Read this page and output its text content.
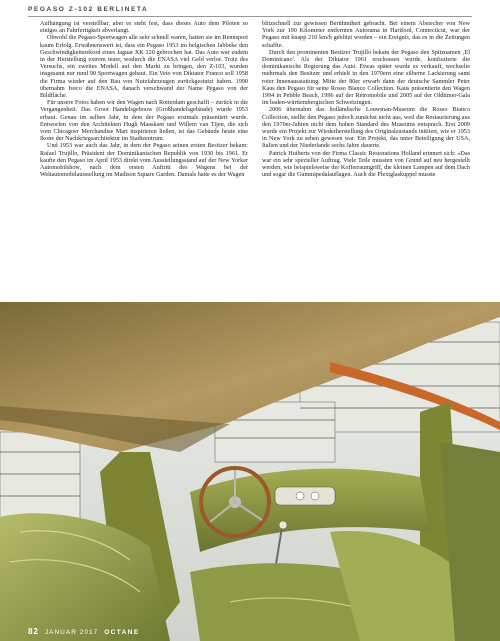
PEGASO Z-102 BERLINETA

Aufhängung ist verstellbar, aber es steht fest, dass dieses Auto dem Piloten so einiges an Fahrfertigkeit abverlangt.

Obwohl die Pegaso-Sportwagen alle sehr schnell waren, hatten sie im Rennsport kaum Erfolg. Erwähnenswert ist, dass ein Pegaso 1953 im belgischen Jabbeke den Geschwindigkeitsrekord eines Jaguar XK 120 gebrochen hat. Das Auto war zudem in der Herstellung extrem teuer, wodurch die ENASA viel Geld verlor. Trotz des Versuchs, ein zweites Modell auf den Markt zu bringen, den Z-103, wurden insgesamt nur rund 90 Sportwagen gebaut. Ein Veto von Diktator Franco soll 1958 die Firma wieder auf den Bau von Nutzfahrzeugen zurückgestutzt haben. 1990 übernahm Iveco die ENASA, danach verschwand der Name Pegaso von der Bildfläche.

Für unsere Fotos haben wir den Wagen nach Rotterdam geschafft – zurück in die Vergangenheit. Das Groot Handelsgebouw (Großhandelsgebäude) wurde 1953 erbaut. Genau im selben Jahr, in dem der Pegaso erstmals präsentiert wurde. Entworfen von den Architekten Hugh Maaskant und Willem van Tijen, die sich vom Chicagoer Merchandise Mart inspirieren ließen, ist das Gebäude heute eine Ikone der Nachkriegsarchitektur im Stadtzentrum.

Und 1953 war auch das Jahr, in dem der Pegaso seinen ersten Besitzer bekam: Rafael Trujillo, Präsident der Dominikanischen Republik von 1930 bis 1961. Er kaufte den Pegaso im April 1953 direkt vom Ausstellungsstand auf der New Yorker Automobilshow, nach dem ersten Auftritt des Wagens bei der Weltautomobilausstellung im Madison Square Garden. Damals hatte es der Wagen

blitzschnell zur gewissen Berühmtheit gebracht. Bei einem Abstecher von New York zur 190 Kilometer entfernten Autorama in Hartford, Connecticut, war der Pegaso mit knapp 210 km/h geblitzt worden – ein Ereignis, das es in die Zeitungen schaffte.

Durch den prominenten Besitzer Trujillo bekam der Pegaso den Spitznamen ‚El Dominicano'. Als der Diktator 1961 erschossen wurde, konfiszierte die dominikanische Regierung das Auto. Etwas später wurde es verkauft, wechselte mehrmals den Besitzer und erhielt in den 1970ern eine silberne Lackierung samt roter Innenausstattung. Mitte der 80er erwarb dann der deutsche Sammler Peter Kaus den Pegaso für seine Rosso Bianco Collection. Kaus präsentierte den Wagen 1994 in Pebble Beach, 1996 auf der Rétromobile und 2005 auf der Oldtimer-Gala im baden-württembergischen Schwetzingen.

2006 übernahm das holländische Louwman-Museum die Rosso Bianco Collection, stellte den Pegaso jedoch zunächst nicht aus, weil die Restaurierung aus den 1970er-Jahren nicht dem hohen Standard des Museums entsprach. Erst 2009 wurde ein Projekt zur Wiederherstellung des Originalzustands initiiert, wie er 1953 in New York zu sehen gewesen war. Ein Projekt, das unter Beteiligung der USA, Italien und der Niederlande sechs Jahre dauerte.

Patrick Huiberts von der Firma Classic Restorations Holland erinnert sich: »Das war ein sehr spezieller Auftrag. Viele Teile mussten von Grund auf neu hergestellt werden, wie beispielsweise der Kofferraumgriff, die kleinen Lampen auf dem Dach und sogar die Gummipedalauflagen. Auch die Plexiglaskuppel musste

82 JANUAR 2017 OCTANE
